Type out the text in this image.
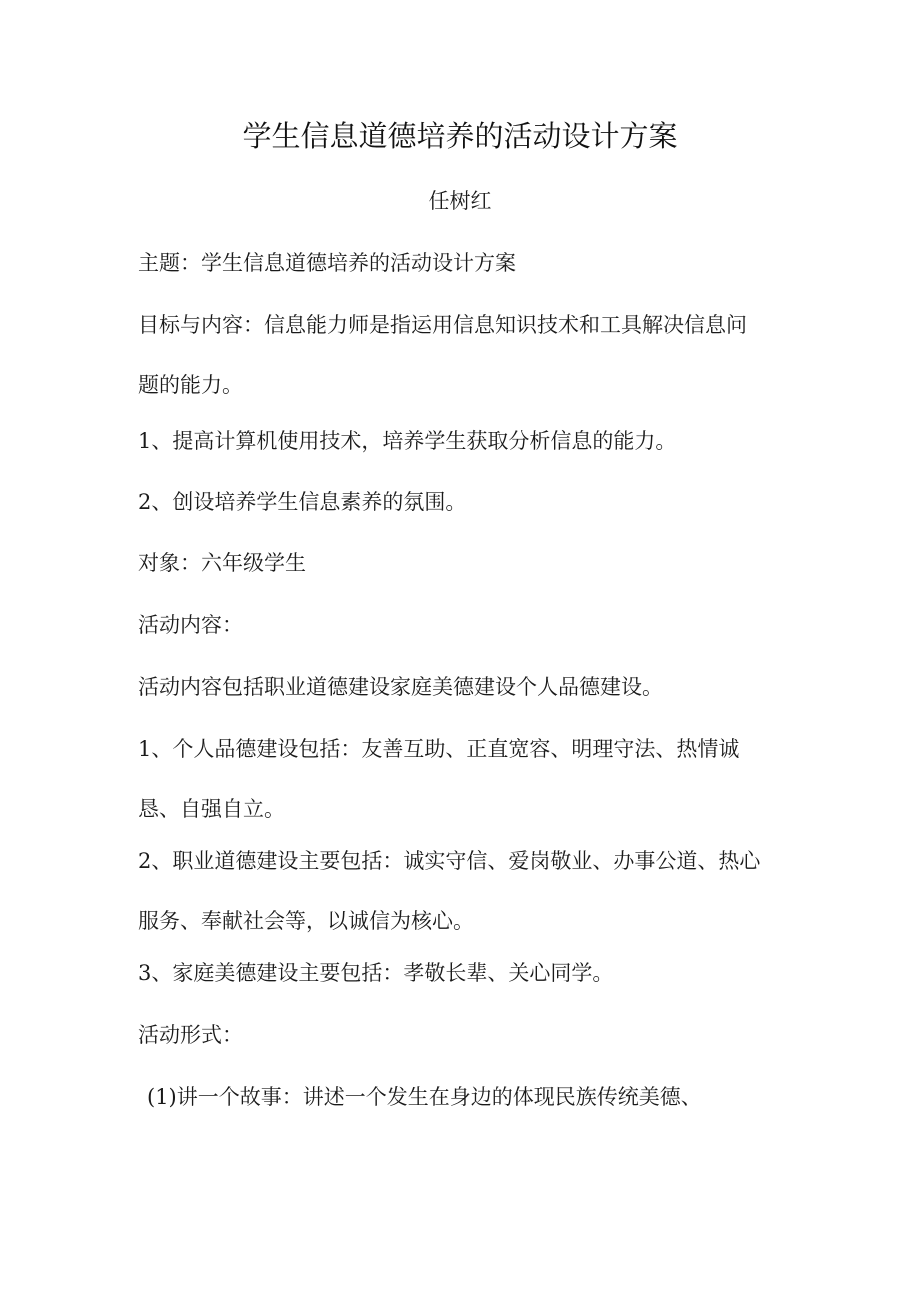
学生信息道德培养的活动设计方案
任树红
主题：学生信息道德培养的活动设计方案
目标与内容：信息能力师是指运用信息知识技术和工具解决信息问
题的能力。
1、提高计算机使用技术，培养学生获取分析信息的能力。
2、创设培养学生信息素养的氛围。
对象：六年级学生
活动内容：
活动内容包括职业道德建设家庭美德建设个人品德建设。
1、个人品德建设包括：友善互助、正直宽容、明理守法、热情诚
恳、自强自立。
2、职业道德建设主要包括：诚实守信、爱岗敬业、办事公道、热心
服务、奉献社会等，以诚信为核心。
3、家庭美德建设主要包括：孝敬长辈、关心同学。
活动形式：
(1)讲一个故事：讲述一个发生在身边的体现民族传统美德、
